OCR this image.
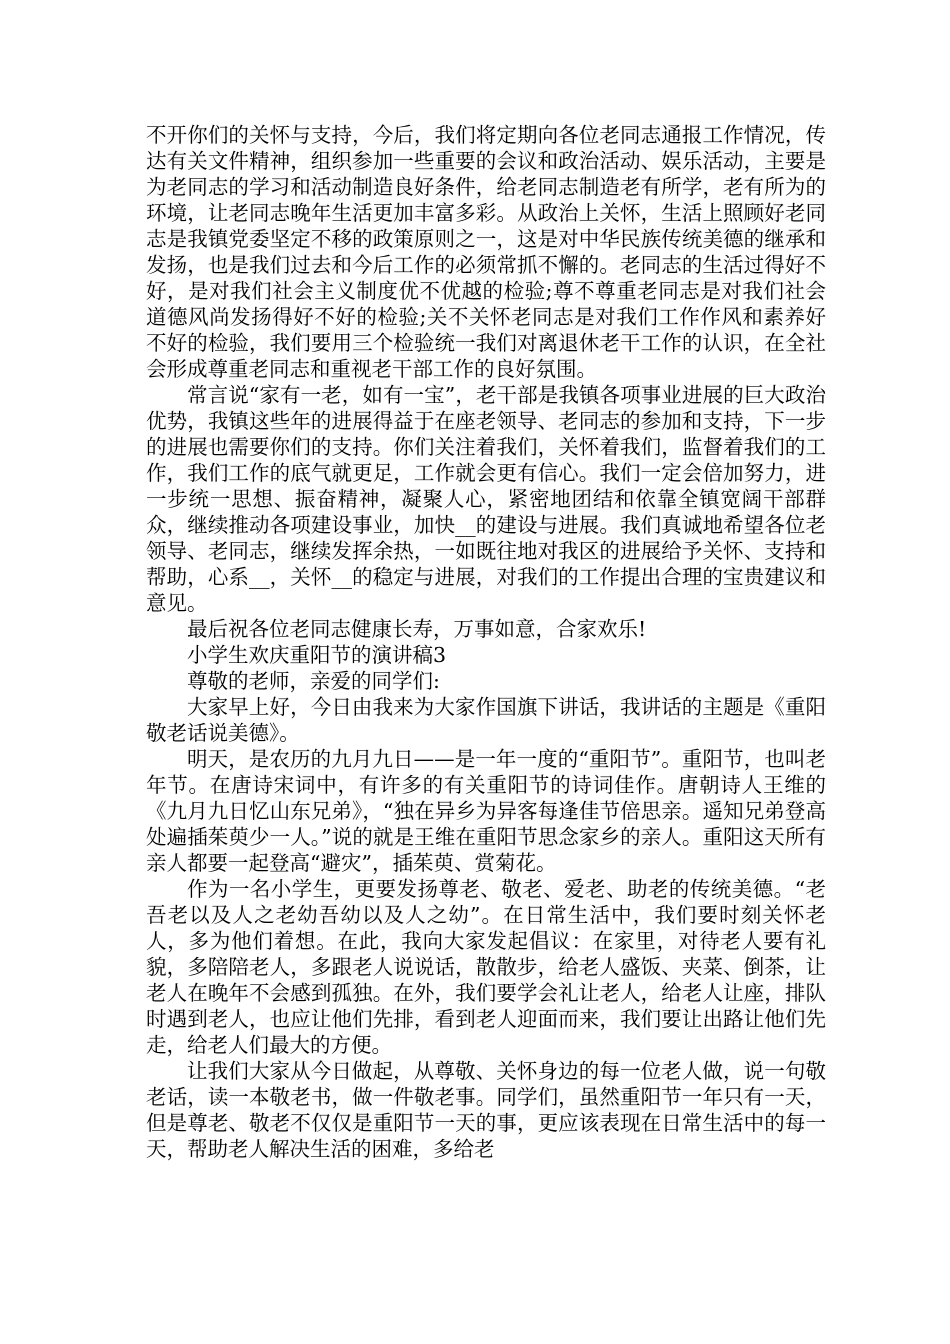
不开你们的关怀与支持，今后，我们将定期向各位老同志通报工作情况，传达有关文件精神，组织参加一些重要的会议和政治活动、娱乐活动，主要是为老同志的学习和活动制造良好条件，给老同志制造老有所学，老有所为的环境，让老同志晚年生活更加丰富多彩。从政治上关怀，生活上照顾好老同志是我镇党委坚定不移的政策原则之一，这是对中华民族传统美德的继承和发扬，也是我们过去和今后工作的必须常抓不懈的。老同志的生活过得好不好，是对我们社会主义制度优不优越的检验;尊不尊重老同志是对我们社会道德风尚发扬得好不好的检验;关不关怀老同志是对我们工作作风和素养好不好的检验，我们要用三个检验统一我们对离退休老干工作的认识，在全社会形成尊重老同志和重视老干部工作的良好氛围。

常言说“家有一老，如有一宝”，老干部是我镇各项事业进展的巨大政治优势，我镇这些年的进展得益于在座老领导、老同志的参加和支持，下一步的进展也需要你们的支持。你们关注着我们，关怀着我们，监督着我们的工作，我们工作的底气就更足，工作就会更有信心。我们一定会倍加努力，进一步统一思想、振奋精神，凝聚人心，紧密地团结和依靠全镇宽阔干部群众，继续推动各项建设事业，加快__的建设与进展。我们真诚地希望各位老领导、老同志，继续发挥余热，一如既往地对我区的进展给予关怀、支持和帮助，心系__，关怀__的稳定与进展，对我们的工作提出合理的宝贵建议和意见。

最后祝各位老同志健康长寿，万事如意，合家欢乐!

小学生欢庆重阳节的演讲稿3

尊敬的老师，亲爱的同学们:

大家早上好，今日由我来为大家作国旗下讲话，我讲话的主题是《重阳敬老话说美德》。

明天，是农历的九月九日——是一年一度的“重阳节”。重阳节，也叫老年节。在唐诗宋词中，有许多的有关重阳节的诗词佳作。唐朝诗人王维的《九月九日忆山东兄弟》，“独在异乡为异客每逢佳节倍思亲。遥知兄弟登高处遍插茱萸少一人。”说的就是王维在重阳节思念家乡的亲人。重阳这天所有亲人都要一起登高“避灾”，插茱萸、赏菊花。

作为一名小学生，更要发扬尊老、敬老、爱老、助老的传统美德。“老吾老以及人之老幼吾幼以及人之幼”。在日常生活中，我们要时刻关怀老人，多为他们着想。在此，我向大家发起倡议：在家里，对待老人要有礼貌，多陪陪老人，多跟老人说说话，散散步，给老人盛饭、夹菜、倒茶，让老人在晚年不会感到孤独。在外，我们要学会礼让老人，给老人让座，排队时遇到老人，也应让他们先排，看到老人迎面而来，我们要让出路让他们先走，给老人们最大的方便。

让我们大家从今日做起，从尊敬、关怀身边的每一位老人做，说一句敬老话，读一本敬老书，做一件敬老事。同学们，虽然重阳节一年只有一天，但是尊老、敬老不仅仅是重阳节一天的事，更应该表现在日常生活中的每一天，帮助老人解决生活的困难，多给老
